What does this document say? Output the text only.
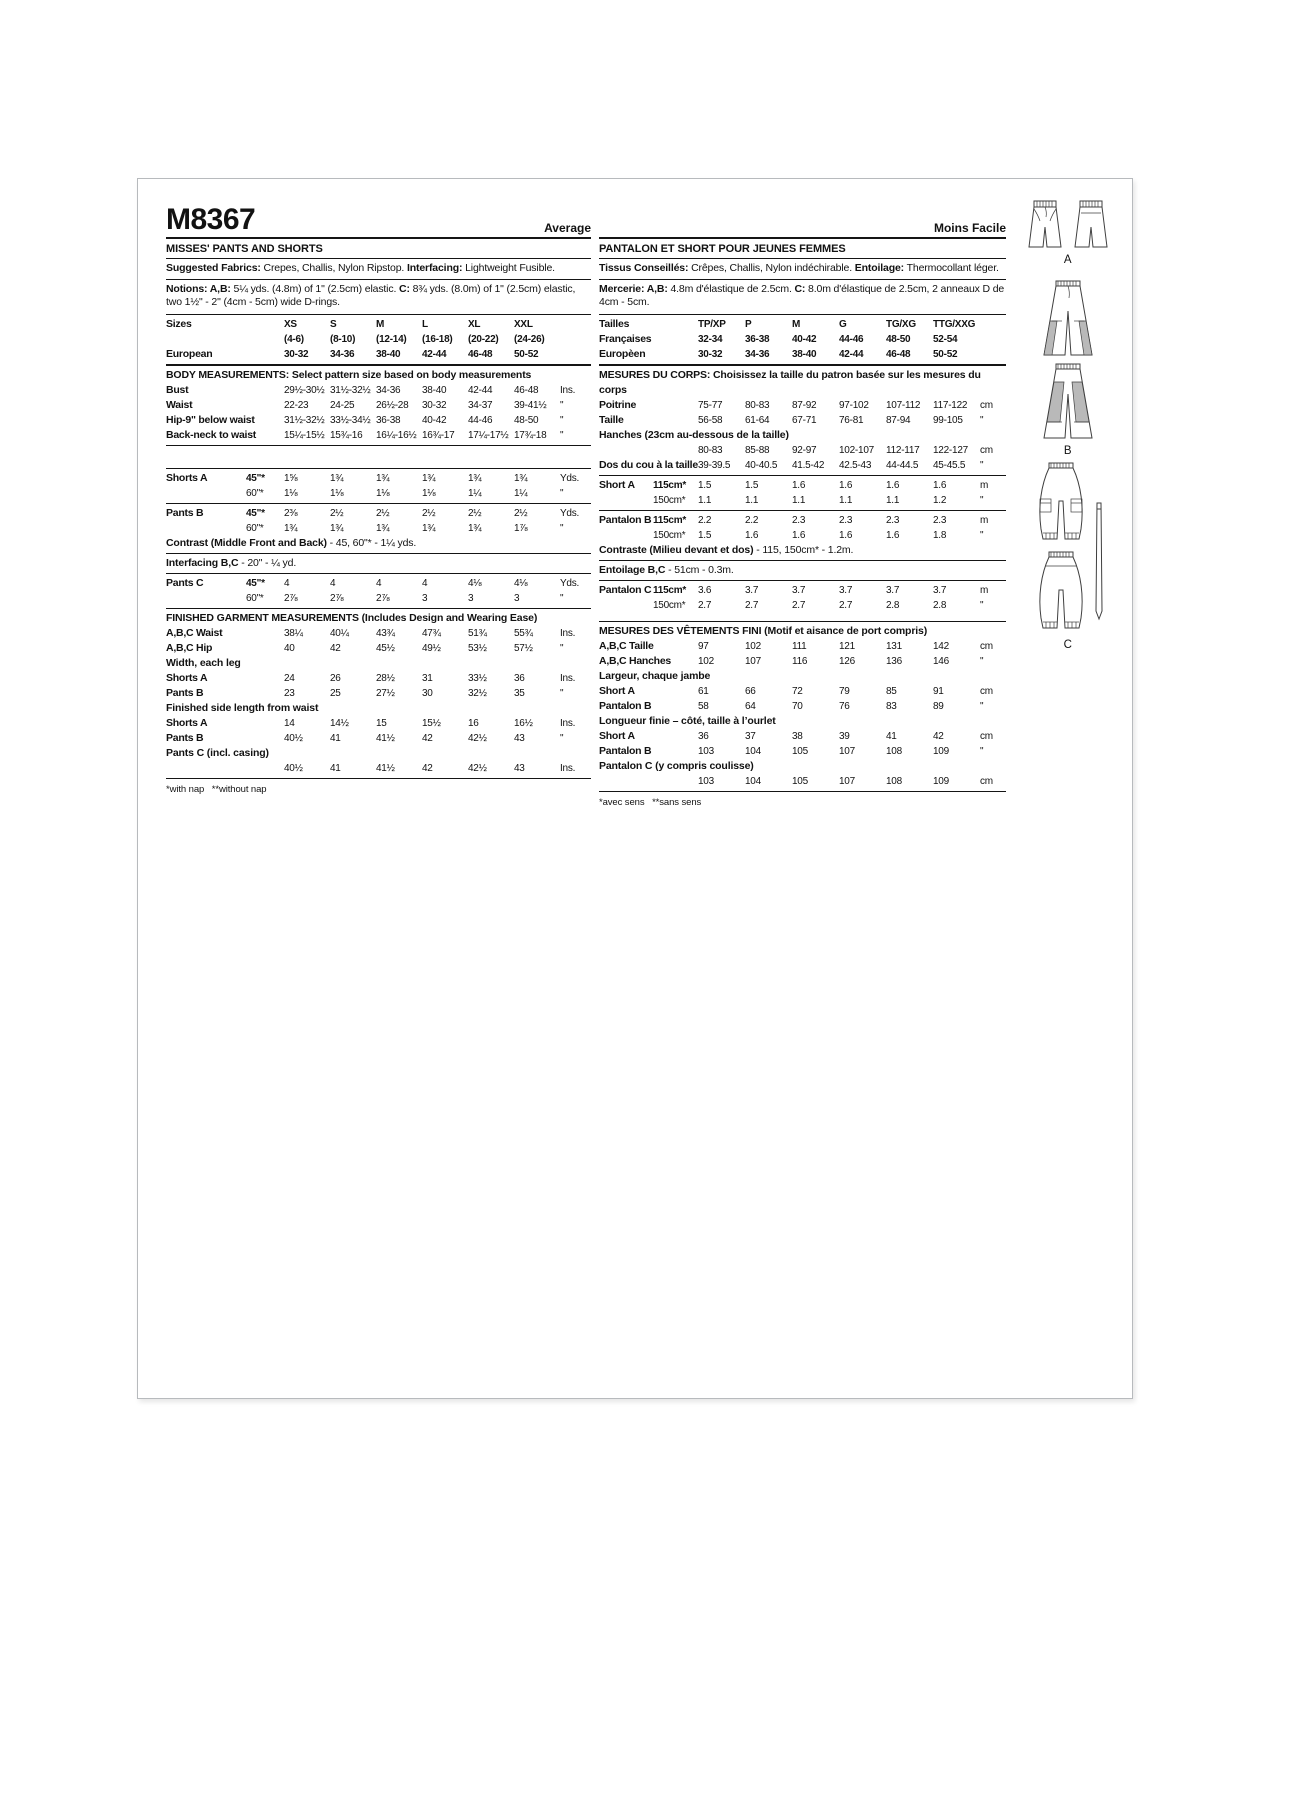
M8367	Average
MISSES' PANTS AND SHORTS
Suggested Fabrics: Crepes, Challis, Nylon Ripstop. Interfacing: Lightweight Fusible.
Notions: A,B: 5¼ yds. (4.8m) of 1" (2.5cm) elastic. C: 8¾ yds. (8.0m) of 1" (2.5cm) elastic, two 1½" - 2" (4cm - 5cm) wide D-rings.
Sizes	XS	S	M	L	XL	XXL
(4-6)	(8-10)	(12-14)	(16-18)	(20-22)	(24-26)
European	30-32	34-36	38-40	42-44	46-48	50-52
BODY MEASUREMENTS: Select pattern size based on body measurements
Bust	29½-30½ 31½-32½ 34-36	38-40	42-44	46-48	Ins.
Waist	22-23	24-25	26½-28	30-32	34-37	39-41½	"
Hip-9" below waist	31½-32½ 33½-34½ 36-38	40-42	44-46	48-50	"
Back-neck to waist	15¼-15½ 15¾-16	16¼-16½ 16¾-17	17¼-17½ 17¾-18	"
Shorts A	45"*	1⅝	1¾	1¾	1¾	1¾	1¾	Yds.
60"*	1⅛	1⅛	1⅛	1⅛	1¼	1¼	"
Pants B	45"*	2⅜	2½	2½	2½	2½	2½	Yds.
60"*	1¾	1¾	1¾	1¾	1¾	1⅞	"
Contrast (Middle Front and Back) - 45, 60"* - 1¼ yds.
Interfacing B,C - 20" - ¼ yd.
Pants C	45"*	4	4	4	4	4⅛	4⅛	Yds.
60"*	2⅞	2⅞	2⅞	3	3	3	"
FINISHED GARMENT MEASUREMENTS (Includes Design and Wearing Ease)
A,B,C Waist	38¼	40¼	43¾	47¾	51¾	55¾	Ins.
A,B,C Hip	40	42	45½	49½	53½	57½	"
Width, each leg
Shorts A	24	26	28½	31	33½	36	Ins.
Pants B	23	25	27½	30	32½	35	"
Finished side length from waist
Shorts A	14	14½	15	15½	16	16½	Ins.
Pants B	40½	41	41½	42	42½	43	"
Pants C (incl. casing)
40½	41	41½	42	42½	43	Ins.
*with nap   **without nap
Moins Facile
PANTALON ET SHORT POUR JEUNES FEMMES
Tissus Conseillés: Crêpes, Challis, Nylon indéchirable. Entoilage: Thermocollant léger.
Mercerie: A,B: 4.8m d'élastique de 2.5cm. C: 8.0m d'élastique de 2.5cm, 2 anneaux D de 4cm - 5cm.
Tailles	TP/XP	P	M	G	TG/XG	TTG/XXG
Françaises	32-34	36-38	40-42	44-46	48-50	52-54
Europèen	30-32	34-36	38-40	42-44	46-48	50-52
MESURES DU CORPS: Choisissez la taille du patron basée sur les mesures du corps
Poitrine	75-77	80-83	87-92	97-102	107-112	117-122	cm
Taille	56-58	61-64	67-71	76-81	87-94	99-105	"
Hanches (23cm au-dessous de la taille)
80-83	85-88	92-97	102-107	112-117	122-127	cm
Dos du cou à la taille 39-39.5	40-40.5	41.5-42	42.5-43	44-44.5	45-45.5	"
Short A	115cm*	1.5	1.5	1.6	1.6	1.6	1.6	m
150cm*	1.1	1.1	1.1	1.1	1.1	1.2	"
Pantalon B 115cm*	2.2	2.2	2.3	2.3	2.3	2.3	m
150cm*	1.5	1.6	1.6	1.6	1.6	1.8	"
Contraste (Milieu devant et dos) - 115, 150cm* - 1.2m.
Entoilage B,C - 51cm - 0.3m.
Pantalon C 115cm*	3.6	3.7	3.7	3.7	3.7	3.7	m
150cm*	2.7	2.7	2.7	2.7	2.8	2.8	"
MESURES DES VÊTEMENTS FINI (Motif et aisance de port compris)
A,B,C Taille	97	102	111	121	131	142	cm
A,B,C Hanches	102	107	116	126	136	146	"
Largeur, chaque jambe
Short A	61	66	72	79	85	91	cm
Pantalon B	58	64	70	76	83	89	"
Longueur finie – côté, taille à l’ourlet
Short A	36	37	38	39	41	42	cm
Pantalon B	103	104	105	107	108	109	"
Pantalon C (y compris coulisse)
103	104	105	107	108	109	cm
*avec sens   **sans sens
A
B
C
